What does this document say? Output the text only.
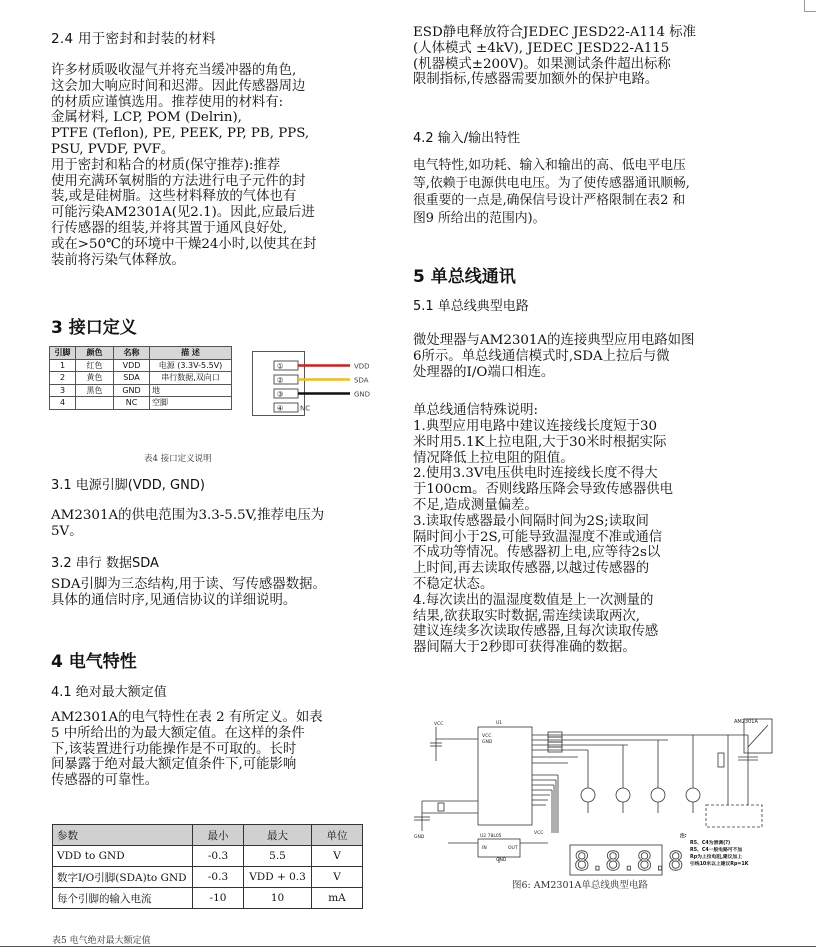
2.4 用于密封和封装的材料
许多材质吸收湿气并将充当缓冲器的角色,
这会加大响应时间和迟滞。因此传感器周边
的材质应谨慎选用。推荐使用的材料有:
金属材料, LCP, POM (Delrin),
PTFE (Teflon), PE, PEEK, PP, PB, PPS,
PSU, PVDF, PVF。
用于密封和粘合的材质(保守推荐):推荐
使用充满环氧树脂的方法进行电子元件的封
装,或是硅树脂。这些材料释放的气体也有
可能污染AM2301A(见2.1)。因此,应最后进
行传感器的组装,并将其置于通风良好处,
或在>50℃的环境中干燥24小时,以使其在封
装前将污染气体释放。
3 接口定义
引脚	颜色	名称	描 述
1	红色	VDD	电源 (3.3V-5.5V)
2	黄色	SDA	串行数据,双向口
3	黑色	GND	地
4		NC	空脚
①
②
③
④
VDD
SDA
GND
NC
表4 接口定义说明
3.1 电源引脚(VDD, GND)
AM2301A的供电范围为3.3-5.5V,推荐电压为
5V。
3.2 串行 数据SDA
SDA引脚为三态结构,用于读、写传感器数据。
具体的通信时序,见通信协议的详细说明。
4 电气特性
4.1 绝对最大额定值
AM2301A的电气特性在表 2 有所定义。如表
5 中所给出的为最大额定值。在这样的条件
下,该装置进行功能操作是不可取的。长时
间暴露于绝对最大额定值条件下,可能影响
传感器的可靠性。
参数	最小	最大	单位
VDD to GND	-0.3	5.5	V
数字I/O引脚(SDA)to GND	-0.3	VDD + 0.3	V
每个引脚的输入电流	-10	10	mA
表5 电气绝对最大额定值
ESD静电释放符合JEDEC JESD22-A114 标准
(人体模式 ±4kV), JEDEC JESD22-A115
(机器模式±200V)。如果测试条件超出标称
限制指标,传感器需要加额外的保护电路。
4.2 输入/输出特性
电气特性,如功耗、输入和输出的高、低电平电压
等,依赖于电源供电电压。为了使传感器通讯顺畅,
很重要的一点是,确保信号设计严格限制在表2 和
图9 所给出的范围内)。
5 单总线通讯
5.1 单总线典型电路
微处理器与AM2301A的连接典型应用电路如图
6所示。单总线通信模式时,SDA上拉后与微
处理器的I/O端口相连。
单总线通信特殊说明:
1.典型应用电路中建议连接线长度短于30
米时用5.1K上拉电阻,大于30米时根据实际
情况降低上拉电阻的阻值。
2.使用3.3V电压供电时连接线长度不得大
于100cm。否则线路压降会导致传感器供电
不足,造成测量偏差。
3.读取传感器最小间隔时间为2S;读取间
隔时间小于2S,可能导致温湿度不准或通信
不成功等情况。传感器初上电,应等待2s以
上时间,再去读取传感器,以越过传感器的
不稳定状态。
4.每次读出的温湿度数值是上一次测量的
结果,欲获取实时数据,需连续读取两次,
建议连续多次读取传感器,且每次读取传感
器间隔大于2秒即可获得准确的数据。
U1
VCC
GND
VCC
GND
AM2301A
U2 78L05
IN	OUT
GND
VCC
8.8.8.8
注:R5、C4为滑调(?) R5、C4一般电路可不加 Rp为上拉电阻,建议加上引线10米以上建议Rp=1K
图6: AM2301A单总线典型电路
